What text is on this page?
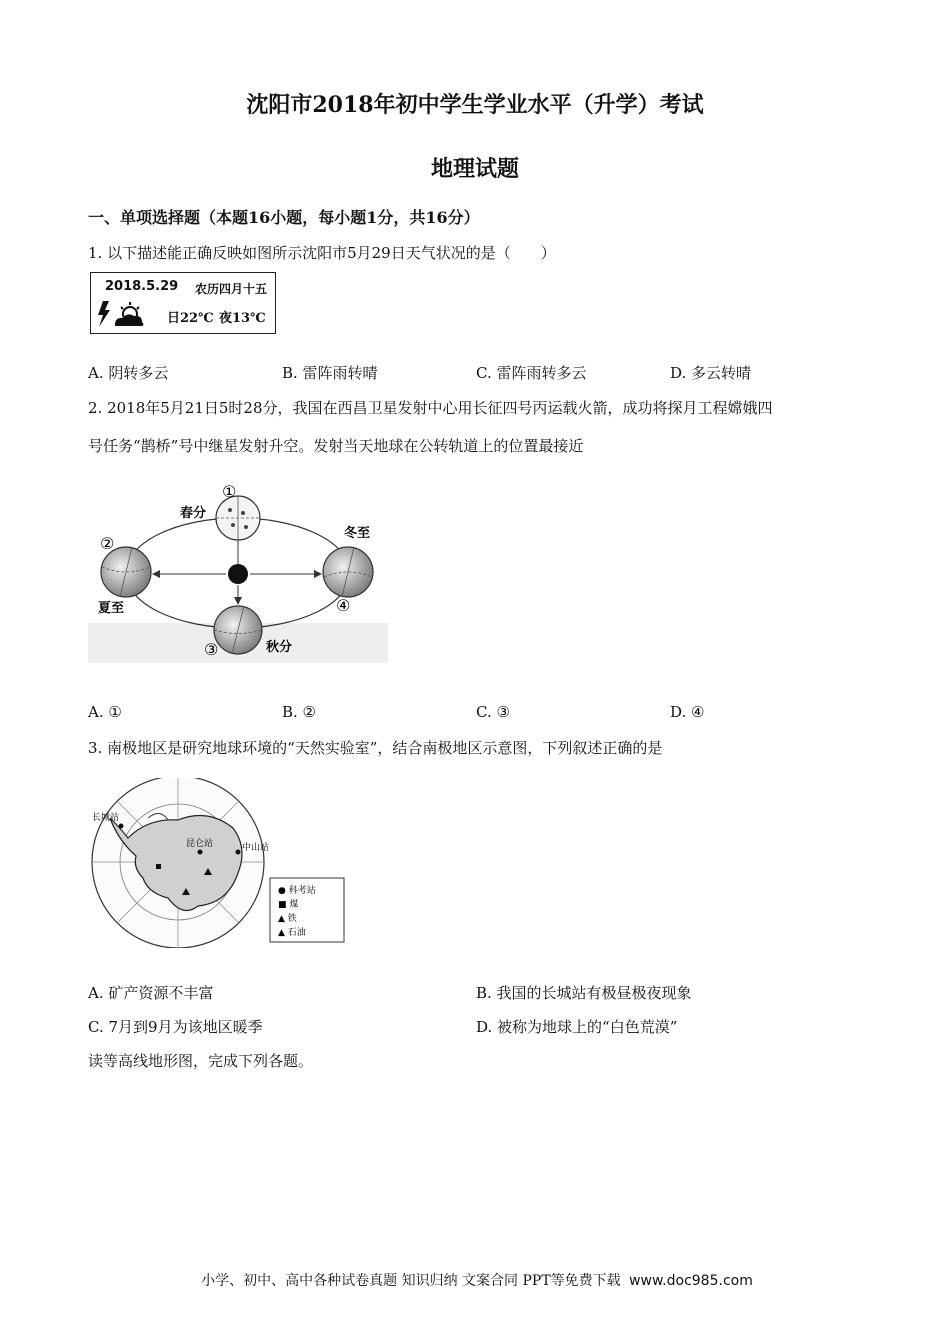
沈阳市2018年初中学生学业水平（升学）考试
地理试题
一、单项选择题（本题16小题，每小题1分，共16分）
1. 以下描述能正确反映如图所示沈阳市5月29日天气状况的是（　　）
2018.5.29 农历四月十五
日22℃ 夜13℃
A. 阴转多云	B. 雷阵雨转晴	C. 雷阵雨转多云	D. 多云转晴
2. 2018年5月21日5时28分，我国在西昌卫星发射中心用长征四号丙运载火箭，成功将探月工程嫦娥四
号任务“鹊桥”号中继星发射升空。发射当天地球在公转轨道上的位置最接近
春分
夏至
秋分
冬至
①
②
③
④
A. ①	B. ②	C. ③	D. ④
3. 南极地区是研究地球环境的“天然实验室”，结合南极地区示意图，下列叙述正确的是
长城站
中山站
昆仑站
● 科考站
■ 煤
▲ 铁
▲ 石油
A. 矿产资源不丰富	B. 我国的长城站有极昼极夜现象
C. 7月到9月为该地区暖季	D. 被称为地球上的“白色荒漠”
读等高线地形图，完成下列各题。
小学、初中、高中各种试卷真题 知识归纳 文案合同 PPT等免费下载 www.doc985.com
